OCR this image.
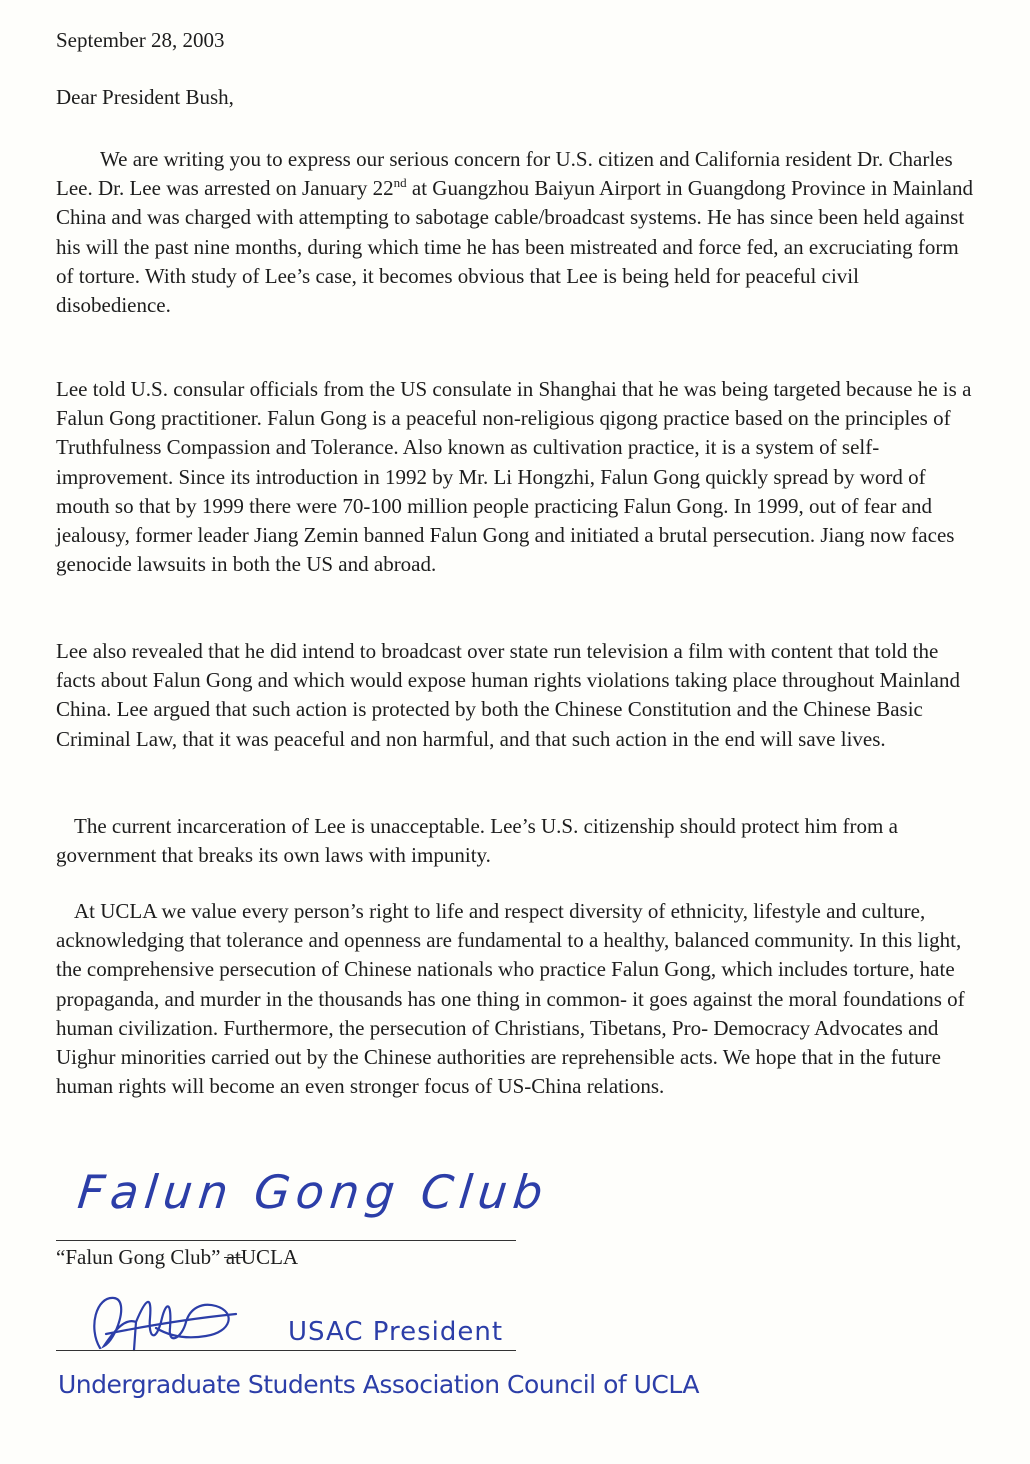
September 28, 2003

Dear President Bush,

We are writing you to express our serious concern for U.S. citizen and California resident Dr. Charles Lee. Dr. Lee was arrested on January 22nd at Guangzhou Baiyun Airport in Guangdong Province in Mainland China and was charged with attempting to sabotage cable/broadcast systems. He has since been held against his will the past nine months, during which time he has been mistreated and force fed, an excruciating form of torture. With study of Lee’s case, it becomes obvious that Lee is being held for peaceful civil disobedience.

Lee told U.S. consular officials from the US consulate in Shanghai that he was being targeted because he is a Falun Gong practitioner. Falun Gong is a peaceful non-religious qigong practice based on the principles of Truthfulness Compassion and Tolerance. Also known as cultivation practice, it is a system of self-improvement. Since its introduction in 1992 by Mr. Li Hongzhi, Falun Gong quickly spread by word of mouth so that by 1999 there were 70-100 million people practicing Falun Gong. In 1999, out of fear and jealousy, former leader Jiang Zemin banned Falun Gong and initiated a brutal persecution. Jiang now faces genocide lawsuits in both the US and abroad.

Lee also revealed that he did intend to broadcast over state run television a film with content that told the facts about Falun Gong and which would expose human rights violations taking place throughout Mainland China. Lee argued that such action is protected by both the Chinese Constitution and the Chinese Basic Criminal Law, that it was peaceful and non harmful, and that such action in the end will save lives.

The current incarceration of Lee is unacceptable. Lee’s U.S. citizenship should protect him from a government that breaks its own laws with impunity.

At UCLA we value every person’s right to life and respect diversity of ethnicity, lifestyle and culture, acknowledging that tolerance and openness are fundamental to a healthy, balanced community. In this light, the comprehensive persecution of Chinese nationals who practice Falun Gong, which includes torture, hate propaganda, and murder in the thousands has one thing in common- it goes against the moral foundations of human civilization. Furthermore, the persecution of Christians, Tibetans, Pro- Democracy Advocates and Uighur minorities carried out by the Chinese authorities are reprehensible acts. We hope that in the future human rights will become an even stronger focus of US-China relations.

Falun Gong Club

“Falun Gong Club” at
UCLA

USAC President

Undergraduate Students Association Council of UCLA
